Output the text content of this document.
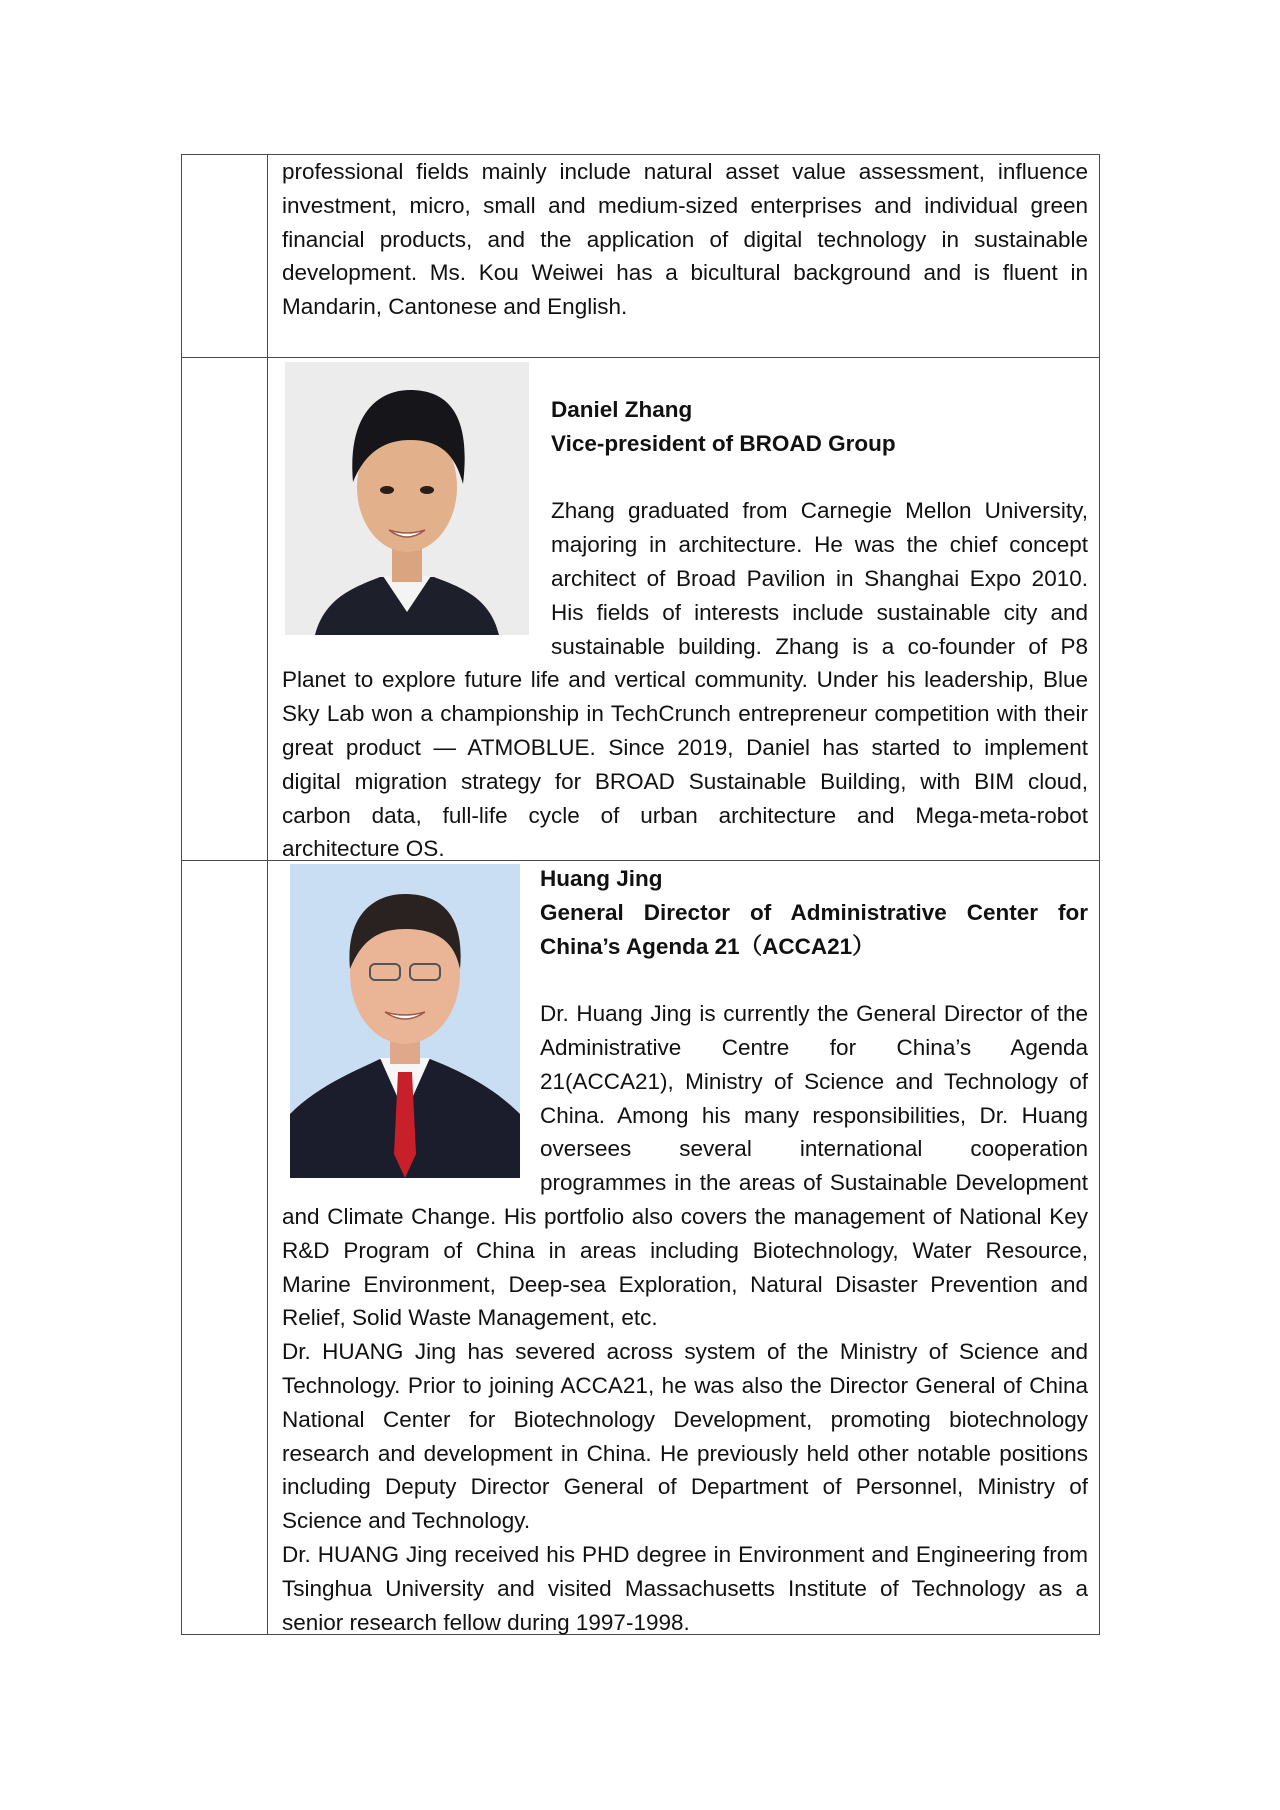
professional fields mainly include natural asset value assessment, influence investment, micro, small and medium-sized enterprises and individual green financial products, and the application of digital technology in sustainable development. Ms. Kou Weiwei has a bicultural background and is fluent in Mandarin, Cantonese and English.

Daniel Zhang

Vice-president of BROAD Group

Zhang graduated from Carnegie Mellon University, majoring in architecture. He was the chief concept architect of Broad Pavilion in Shanghai Expo 2010. His fields of interests include sustainable city and sustainable building. Zhang is a co-founder of P8 Planet to explore future life and vertical community. Under his leadership, Blue Sky Lab won a championship in TechCrunch entrepreneur competition with their great product — ATMOBLUE. Since 2019, Daniel has started to implement digital migration strategy for BROAD Sustainable Building, with BIM cloud, carbon data, full-life cycle of urban architecture and Mega-meta-robot architecture OS.

Huang Jing

General Director of Administrative Center for China’s Agenda 21（ACCA21）

Dr. Huang Jing is currently the General Director of the Administrative Centre for China’s Agenda 21(ACCA21), Ministry of Science and Technology of China. Among his many responsibilities, Dr. Huang oversees several international cooperation programmes in the areas of Sustainable Development and Climate Change. His portfolio also covers the management of National Key R&D Program of China in areas including Biotechnology, Water Resource, Marine Environment, Deep-sea Exploration, Natural Disaster Prevention and Relief, Solid Waste Management, etc.

Dr. HUANG Jing has severed across system of the Ministry of Science and Technology. Prior to joining ACCA21, he was also the Director General of China National Center for Biotechnology Development, promoting biotechnology research and development in China. He previously held other notable positions including Deputy Director General of Department of Personnel, Ministry of Science and Technology.

Dr. HUANG Jing received his PHD degree in Environment and Engineering from Tsinghua University and visited Massachusetts Institute of Technology as a senior research fellow during 1997-1998.
